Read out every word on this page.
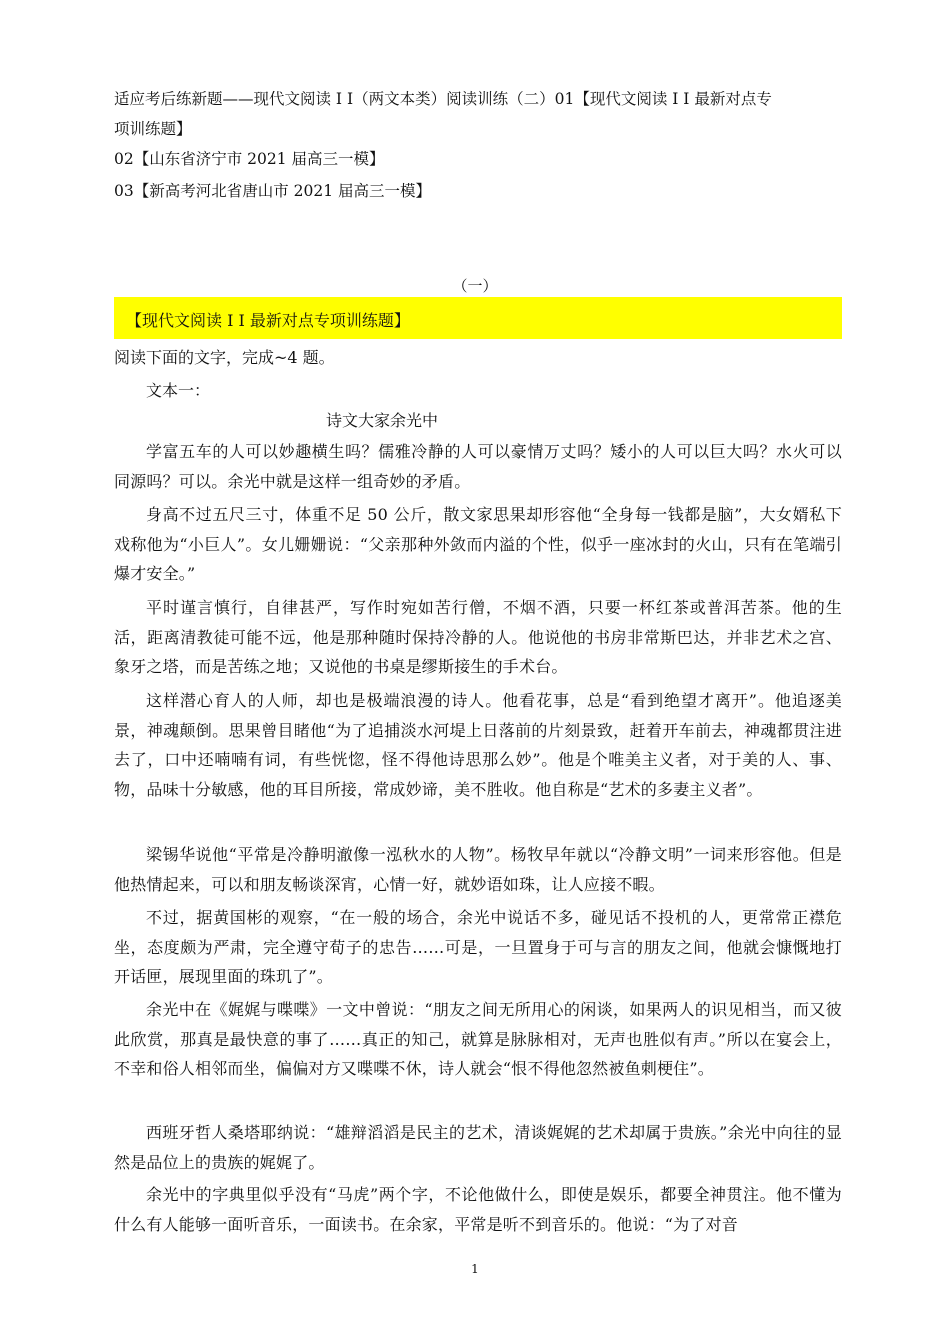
适应考后练新题——现代文阅读 I I（两文本类）阅读训练（二）01【现代文阅读 I I 最新对点专
项训练题】
02【山东省济宁市 2021 届高三一模】
03【新高考河北省唐山市 2021 届高三一模】
（一）
【现代文阅读 I I 最新对点专项训练题】
阅读下面的文字，完成~4 题。
文本一：
诗文大家余光中
学富五车的人可以妙趣横生吗？儒雅冷静的人可以豪情万丈吗？矮小的人可以巨大吗？水火可以同源吗？可以。余光中就是这样一组奇妙的矛盾。
身高不过五尺三寸，体重不足 50 公斤，散文家思果却形容他“全身每一钱都是脑”，大女婿私下戏称他为“小巨人”。女儿姗姗说：“父亲那种外敛而内溢的个性，似乎一座冰封的火山，只有在笔端引爆才安全。”
平时谨言慎行，自律甚严，写作时宛如苦行僧，不烟不酒，只要一杯红茶或普洱苦茶。他的生活，距离清教徒可能不远，他是那种随时保持冷静的人。他说他的书房非常斯巴达，并非艺术之宫、象牙之塔，而是苦练之地；又说他的书桌是缪斯接生的手术台。
这样潜心育人的人师，却也是极端浪漫的诗人。他看花事，总是“看到绝望才离开”。他追逐美景，神魂颠倒。思果曾目睹他“为了追捕淡水河堤上日落前的片刻景致，赶着开车前去，神魂都贯注进去了，口中还喃喃有词，有些恍惚，怪不得他诗思那么妙”。他是个唯美主义者，对于美的人、事、物，品味十分敏感，他的耳目所接，常成妙谛，美不胜收。他自称是“艺术的多妻主义者”。
梁锡华说他“平常是冷静明澈像一泓秋水的人物”。杨牧早年就以“冷静文明”一词来形容他。但是他热情起来，可以和朋友畅谈深宵，心情一好，就妙语如珠，让人应接不暇。
不过，据黄国彬的观察，“在一般的场合，余光中说话不多，碰见话不投机的人，更常常正襟危坐，态度颇为严肃，完全遵守荀子的忠告……可是，一旦置身于可与言的朋友之间，他就会慷慨地打开话匣，展现里面的珠玑了”。
余光中在《娓娓与喋喋》一文中曾说：“朋友之间无所用心的闲谈，如果两人的识见相当，而又彼此欣赏，那真是最快意的事了……真正的知己，就算是脉脉相对，无声也胜似有声。”所以在宴会上，不幸和俗人相邻而坐，偏偏对方又喋喋不休，诗人就会“恨不得他忽然被鱼刺梗住”。
西班牙哲人桑塔耶纳说：“雄辩滔滔是民主的艺术，清谈娓娓的艺术却属于贵族。”余光中向往的显然是品位上的贵族的娓娓了。
余光中的字典里似乎没有“马虎”两个字，不论他做什么，即使是娱乐，都要全神贯注。他不懂为什么有人能够一面听音乐，一面读书。在余家，平常是听不到音乐的。他说：“为了对音
1
